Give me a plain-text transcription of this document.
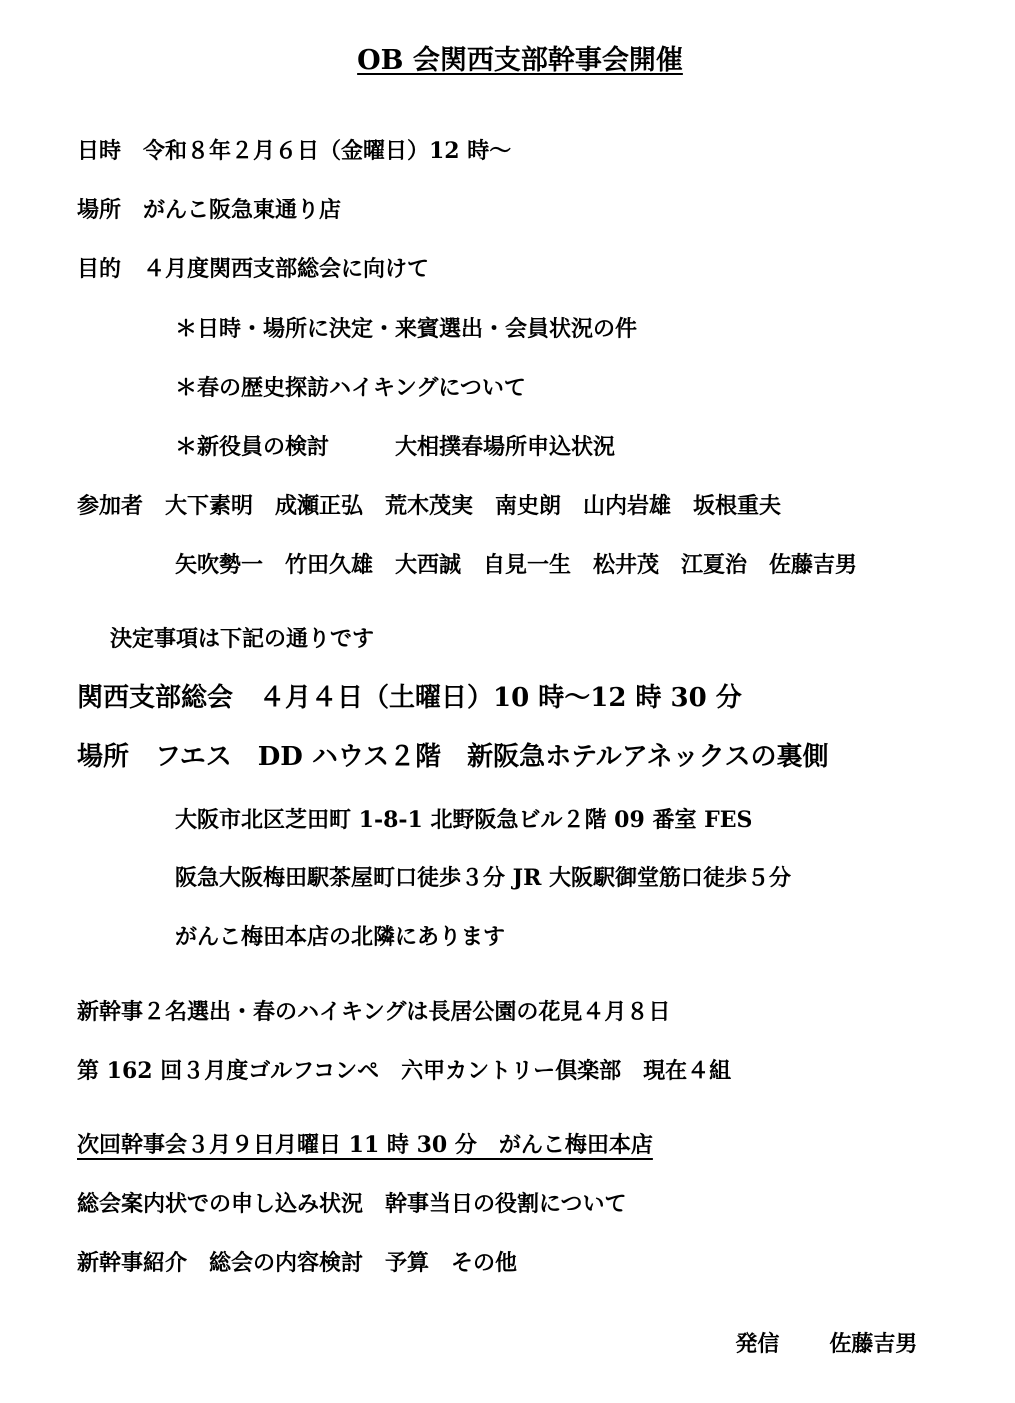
OB 会関西支部幹事会開催
日時　令和８年２月６日（金曜日）12 時～
場所　がんこ阪急東通り店
目的　４月度関西支部総会に向けて
＊日時・場所に決定・来賓選出・会員状況の件
＊春の歴史探訪ハイキングについて
＊新役員の検討　　　大相撲春場所申込状況
参加者　大下素明　成瀬正弘　荒木茂実　南史朗　山内岩雄　坂根重夫
矢吹勢一　竹田久雄　大西誠　自見一生　松井茂　江夏治　佐藤吉男
決定事項は下記の通りです
関西支部総会　４月４日（土曜日）10 時～12 時 30 分
場所　フエス　DD ハウス２階　新阪急ホテルアネックスの裏側
大阪市北区芝田町 1-8-1 北野阪急ビル２階 09 番室 FES
阪急大阪梅田駅茶屋町口徒歩３分 JR 大阪駅御堂筋口徒歩５分
がんこ梅田本店の北隣にあります
新幹事２名選出・春のハイキングは長居公園の花見４月８日
第 162 回３月度ゴルフコンペ　六甲カントリー倶楽部　現在４組
次回幹事会３月９日月曜日 11 時 30 分　がんこ梅田本店
総会案内状での申し込み状況　幹事当日の役割について
新幹事紹介　総会の内容検討　予算　その他

発信 佐藤吉男
